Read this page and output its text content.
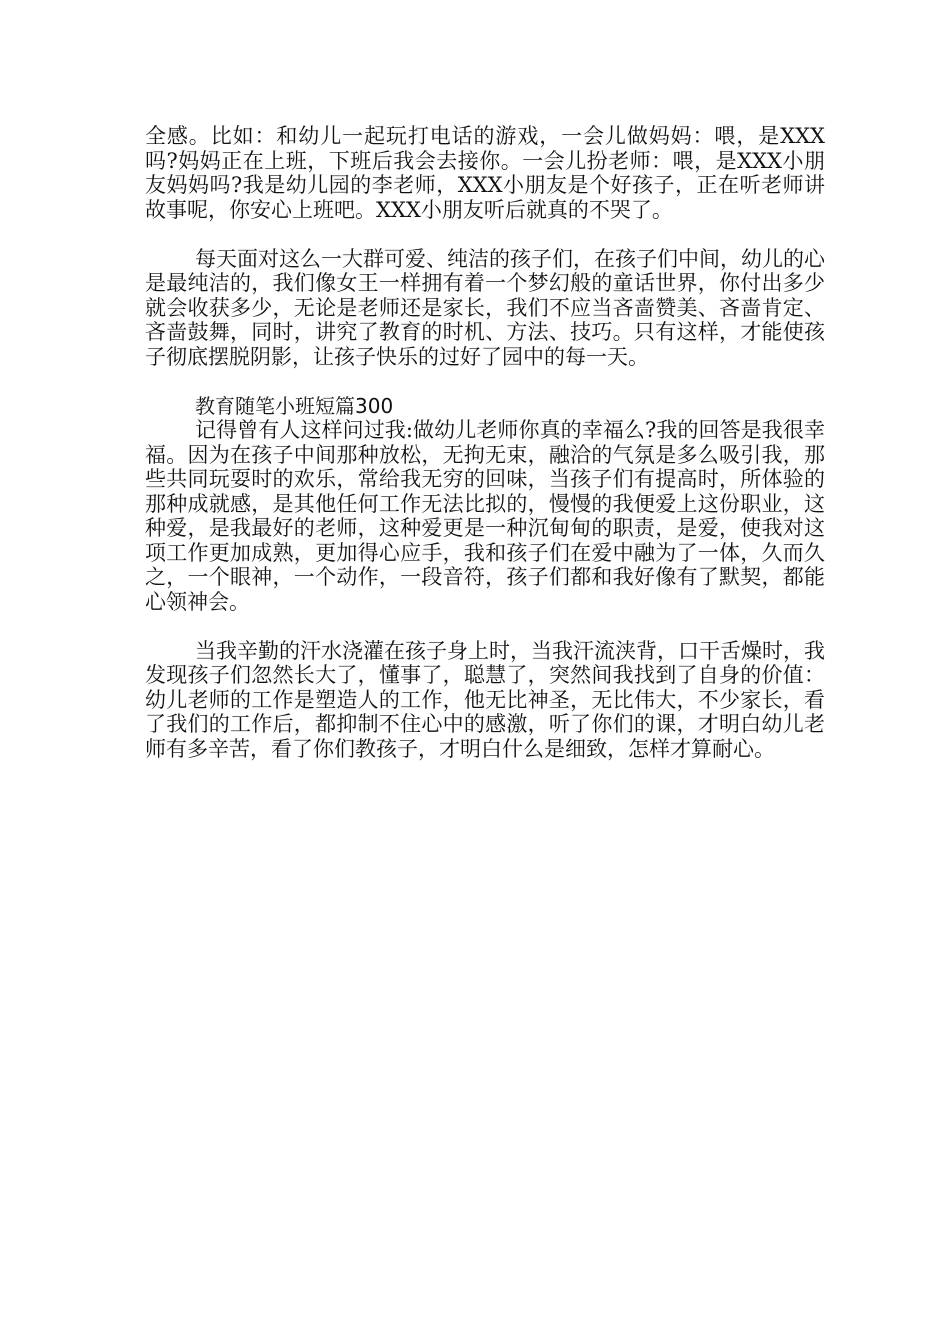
全感。比如：和幼儿一起玩打电话的游戏，一会儿做妈妈：喂，是XXX吗?妈妈正在上班，下班后我会去接你。一会儿扮老师：喂，是XXX小朋友妈妈吗?我是幼儿园的李老师，XXX小朋友是个好孩子，正在听老师讲故事呢，你安心上班吧。XXX小朋友听后就真的不哭了。

每天面对这么一大群可爱、纯洁的孩子们，在孩子们中间，幼儿的心是最纯洁的，我们像女王一样拥有着一个梦幻般的童话世界，你付出多少就会收获多少，无论是老师还是家长，我们不应当吝啬赞美、吝啬肯定、吝啬鼓舞，同时，讲究了教育的时机、方法、技巧。只有这样，才能使孩子彻底摆脱阴影，让孩子快乐的过好了园中的每一天。

教育随笔小班短篇300

记得曾有人这样问过我:做幼儿老师你真的幸福么?我的回答是我很幸福。因为在孩子中间那种放松，无拘无束，融洽的气氛是多么吸引我，那些共同玩耍时的欢乐，常给我无穷的回味，当孩子们有提高时，所体验的那种成就感，是其他任何工作无法比拟的，慢慢的我便爱上这份职业，这种爱，是我最好的老师，这种爱更是一种沉甸甸的职责，是爱，使我对这项工作更加成熟，更加得心应手，我和孩子们在爱中融为了一体，久而久之，一个眼神，一个动作，一段音符，孩子们都和我好像有了默契，都能心领神会。

当我辛勤的汗水浇灌在孩子身上时，当我汗流浃背，口干舌燥时，我发现孩子们忽然长大了，懂事了，聪慧了，突然间我找到了自身的价值：幼儿老师的工作是塑造人的工作，他无比神圣，无比伟大，不少家长，看了我们的工作后，都抑制不住心中的感激，听了你们的课，才明白幼儿老师有多辛苦，看了你们教孩子，才明白什么是细致，怎样才算耐心。
